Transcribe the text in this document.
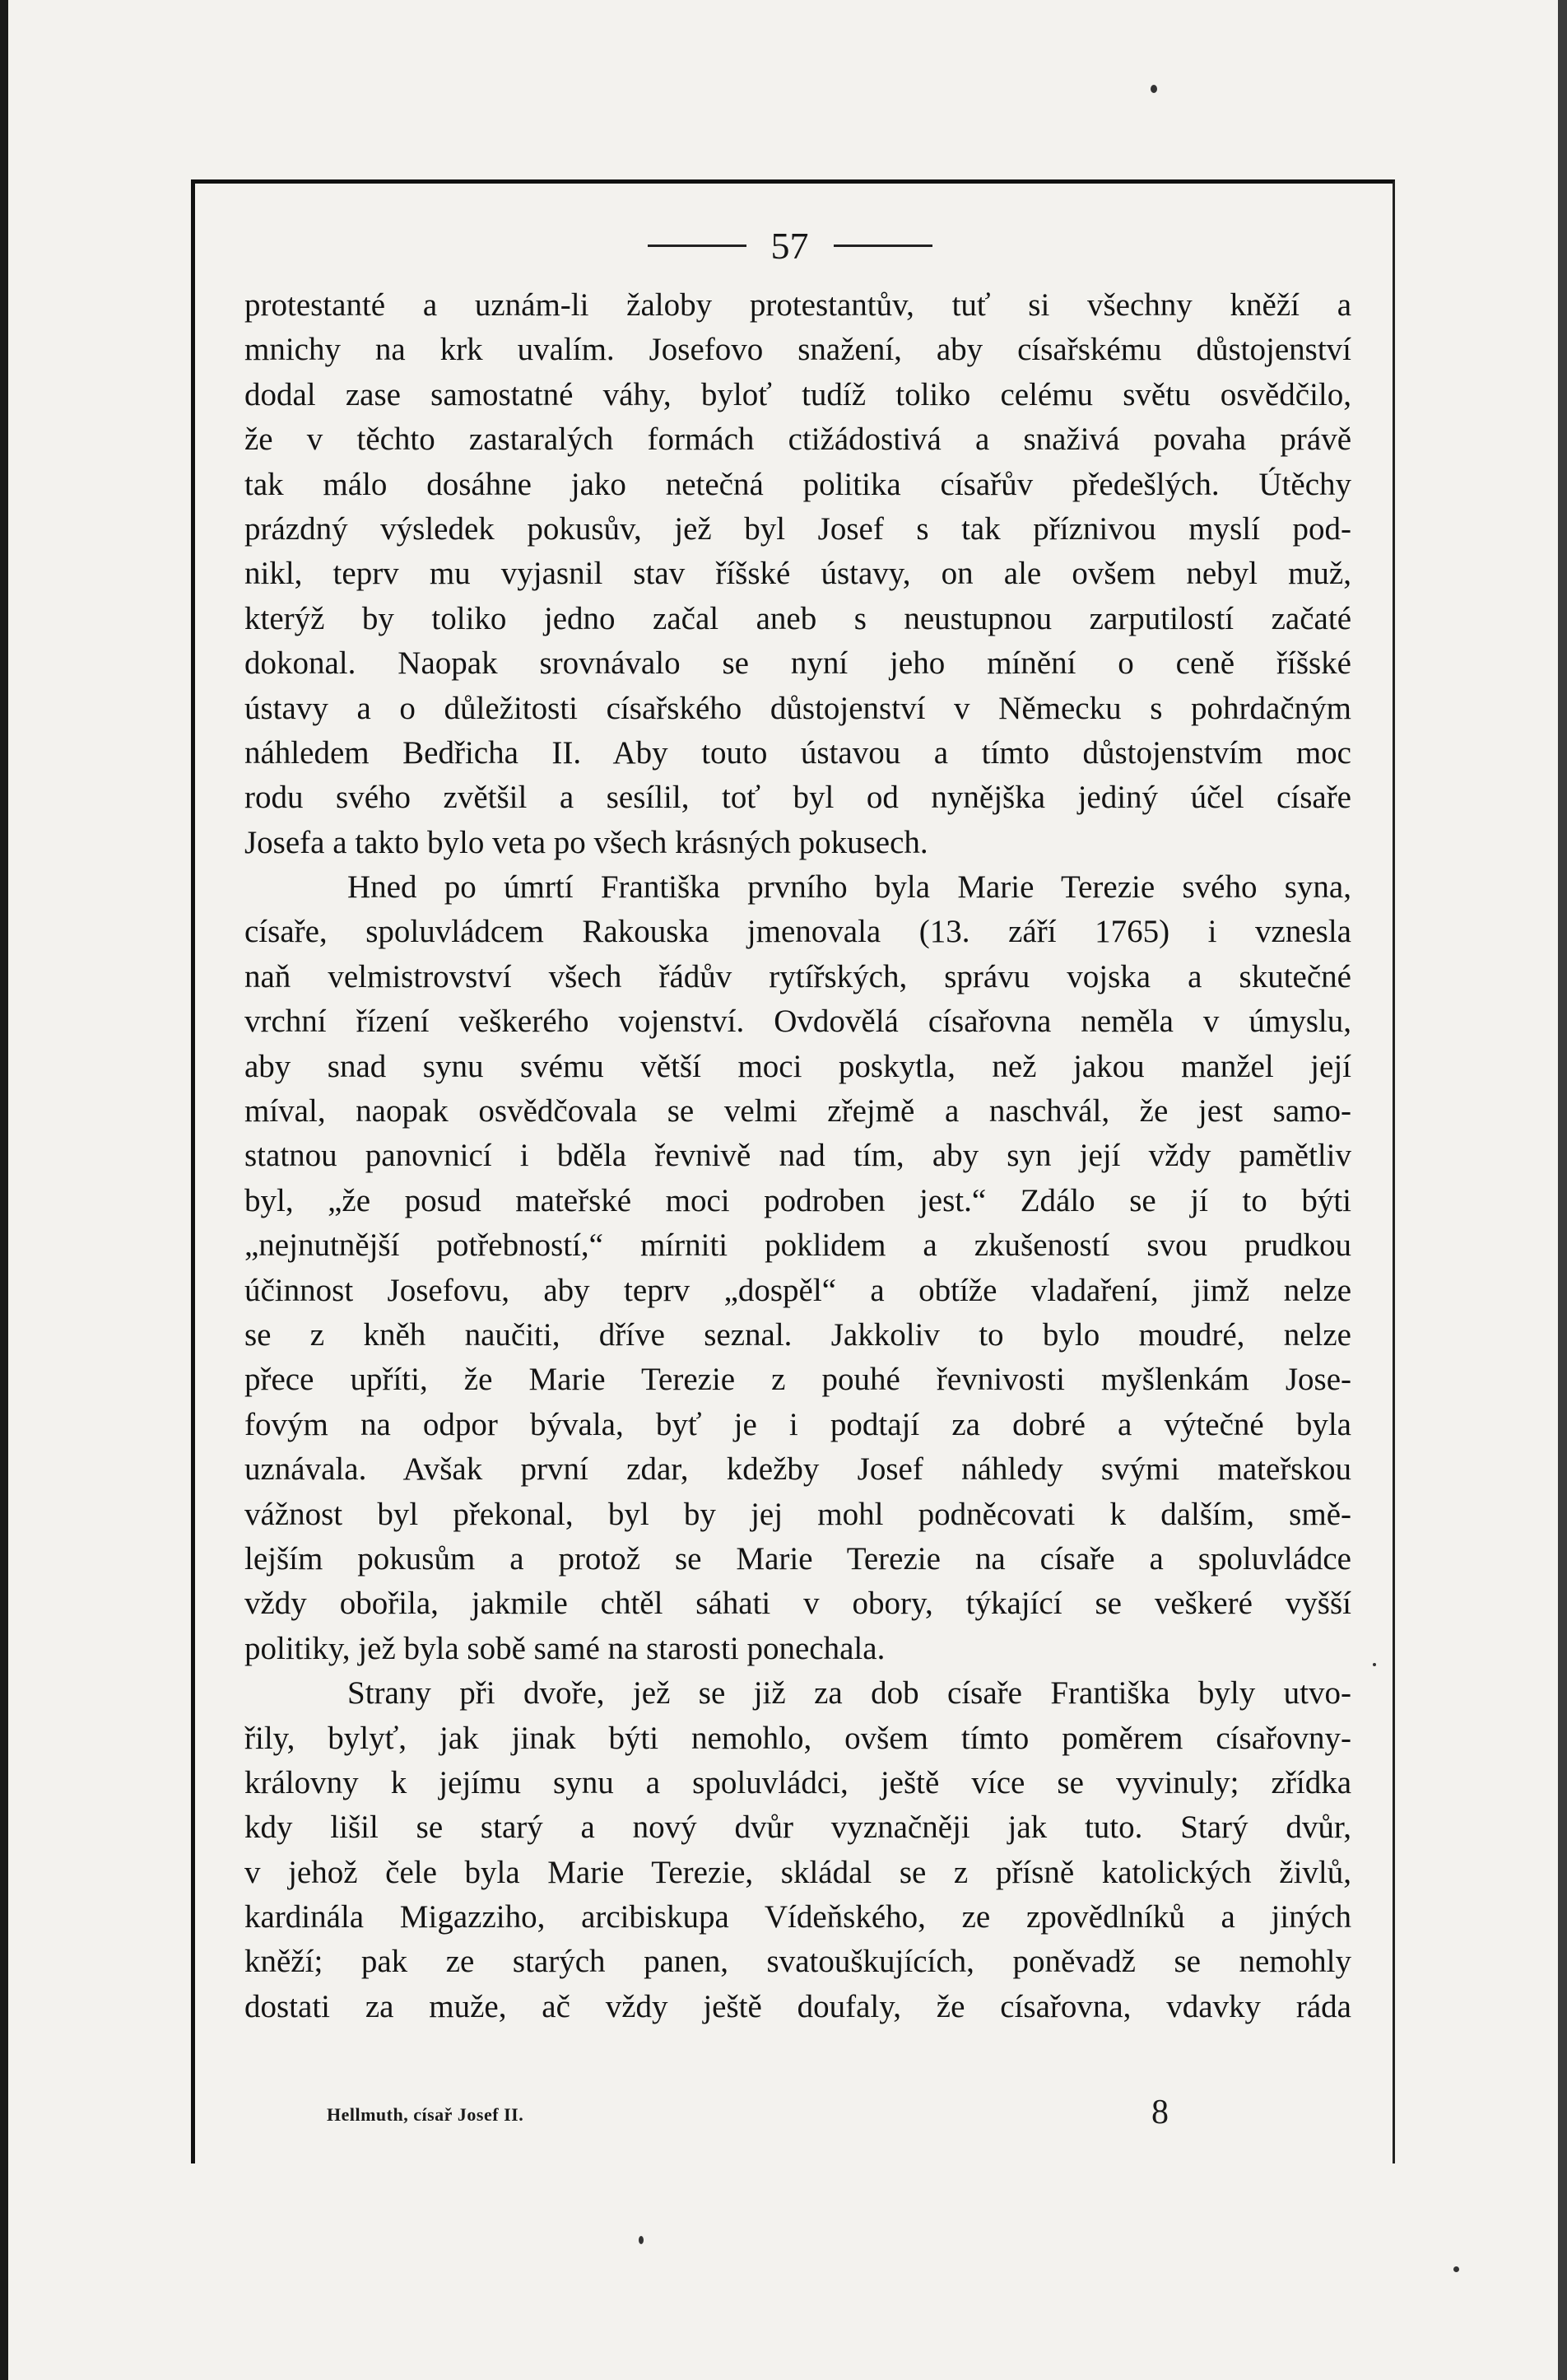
57
protestanté a uznám-li žaloby protestantův, tuť si všechny kněží a
mnichy na krk uvalím. Josefovo snažení, aby císařskému důstojenství
dodal zase samostatné váhy, byloť tudíž toliko celému světu osvědčilo,
že v těchto zastaralých formách ctižádostivá a snaživá povaha právě
tak málo dosáhne jako netečná politika císařův předešlých. Útěchy
prázdný výsledek pokusův, jež byl Josef s tak příznivou myslí pod-
nikl, teprv mu vyjasnil stav říšské ústavy, on ale ovšem nebyl muž,
kterýž by toliko jedno začal aneb s neustupnou zarputilostí začaté
dokonal. Naopak srovnávalo se nyní jeho mínění o ceně říšské
ústavy a o důležitosti císařského důstojenství v Německu s pohrdačným
náhledem Bedřicha II. Aby touto ústavou a tímto důstojenstvím moc
rodu svého zvětšil a sesílil, toť byl od nynějška jediný účel císaře
Josefa a takto bylo veta po všech krásných pokusech.
Hned po úmrtí Františka prvního byla Marie Terezie svého syna,
císaře, spoluvládcem Rakouska jmenovala (13. září 1765) i vznesla
naň velmistrovství všech řádův rytířských, správu vojska a skutečné
vrchní řízení veškerého vojenství. Ovdovělá císařovna neměla v úmyslu,
aby snad synu svému větší moci poskytla, než jakou manžel její
míval, naopak osvědčovala se velmi zřejmě a naschvál, že jest samo-
statnou panovnicí i bděla řevnivě nad tím, aby syn její vždy pamětliv
byl, „že posud mateřské moci podroben jest.“ Zdálo se jí to býti
„nejnutnější potřebností,“ mírniti poklidem a zkušeností svou prudkou
účinnost Josefovu, aby teprv „dospěl“ a obtíže vladaření, jimž nelze
se z kněh naučiti, dříve seznal. Jakkoliv to bylo moudré, nelze
přece upříti, že Marie Terezie z pouhé řevnivosti myšlenkám Jose-
fovým na odpor bývala, byť je i podtají za dobré a výtečné byla
uznávala. Avšak první zdar, kdežby Josef náhledy svými mateřskou
vážnost byl překonal, byl by jej mohl podněcovati k dalším, smě-
lejším pokusům a protož se Marie Terezie na císaře a spoluvládce
vždy obořila, jakmile chtěl sáhati v obory, týkající se veškeré vyšší
politiky, jež byla sobě samé na starosti ponechala.
Strany při dvoře, jež se již za dob císaře Františka byly utvo-
řily, bylyť, jak jinak býti nemohlo, ovšem tímto poměrem císařovny-
královny k jejímu synu a spoluvládci, ještě více se vyvinuly; zřídka
kdy lišil se starý a nový dvůr vyznačněji jak tuto. Starý dvůr,
v jehož čele byla Marie Terezie, skládal se z přísně katolických živlů,
kardinála Migazziho, arcibiskupa Vídeňského, ze zpovědlníků a jiných
kněží; pak ze starých panen, svatouškujících, poněvadž se nemohly
dostati za muže, ač vždy ještě doufaly, že císařovna, vdavky ráda
Hellmuth, císař Josef II.	8
